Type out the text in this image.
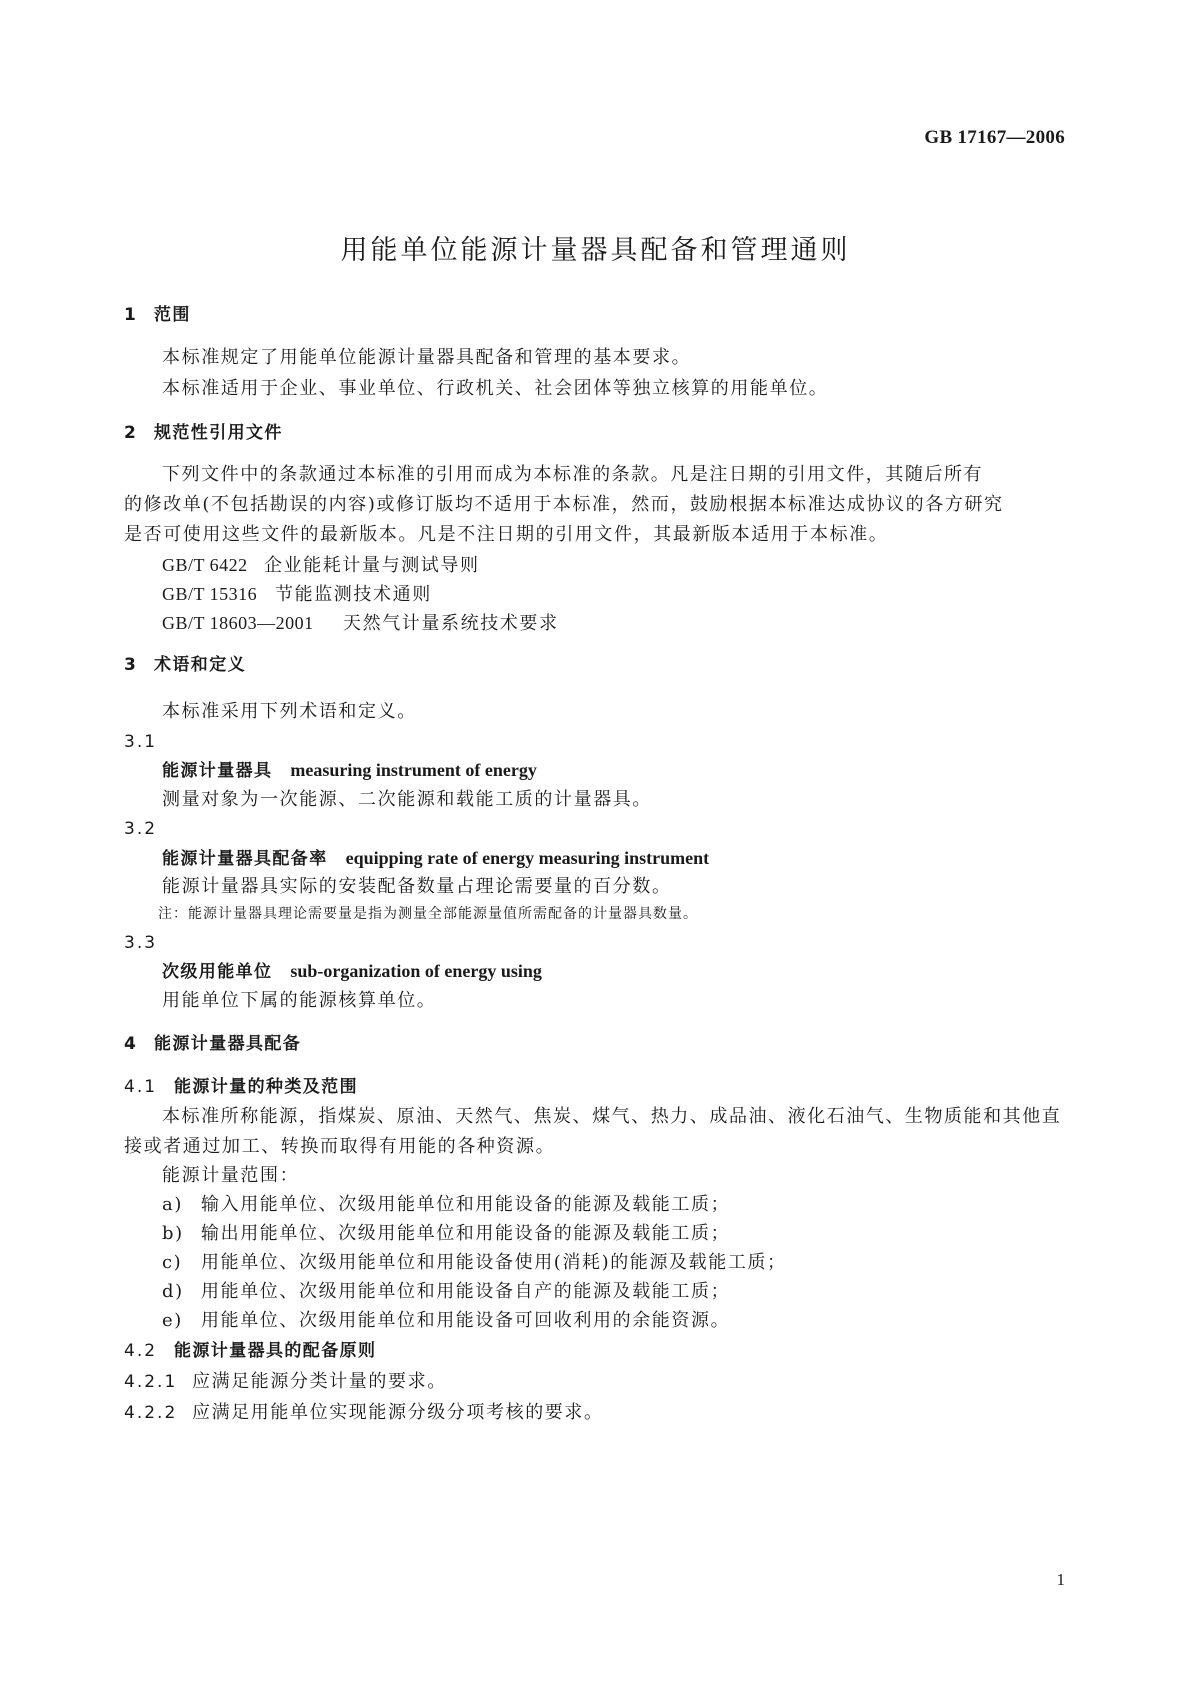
GB 17167—2006
用能单位能源计量器具配备和管理通则
1 范围
本标准规定了用能单位能源计量器具配备和管理的基本要求。
本标准适用于企业、事业单位、行政机关、社会团体等独立核算的用能单位。
2 规范性引用文件
下列文件中的条款通过本标准的引用而成为本标准的条款。凡是注日期的引用文件，其随后所有
的修改单(不包括勘误的内容)或修订版均不适用于本标准，然而，鼓励根据本标准达成协议的各方研究
是否可使用这些文件的最新版本。凡是不注日期的引用文件，其最新版本适用于本标准。
GB/T 6422 企业能耗计量与测试导则
GB/T 15316 节能监测技术通则
GB/T 18603—2001 天然气计量系统技术要求
3 术语和定义
本标准采用下列术语和定义。
3.1
能源计量器具 measuring instrument of energy
测量对象为一次能源、二次能源和载能工质的计量器具。
3.2
能源计量器具配备率 equipping rate of energy measuring instrument
能源计量器具实际的安装配备数量占理论需要量的百分数。
注：能源计量器具理论需要量是指为测量全部能源量值所需配备的计量器具数量。
3.3
次级用能单位 sub-organization of energy using
用能单位下属的能源核算单位。
4 能源计量器具配备
4.1 能源计量的种类及范围
本标准所称能源，指煤炭、原油、天然气、焦炭、煤气、热力、成品油、液化石油气、生物质能和其他直
接或者通过加工、转换而取得有用能的各种资源。
能源计量范围：
a) 输入用能单位、次级用能单位和用能设备的能源及载能工质；
b) 输出用能单位、次级用能单位和用能设备的能源及载能工质；
c) 用能单位、次级用能单位和用能设备使用(消耗)的能源及载能工质；
d) 用能单位、次级用能单位和用能设备自产的能源及载能工质；
e) 用能单位、次级用能单位和用能设备可回收利用的余能资源。
4.2 能源计量器具的配备原则
4.2.1 应满足能源分类计量的要求。
4.2.2 应满足用能单位实现能源分级分项考核的要求。
1
